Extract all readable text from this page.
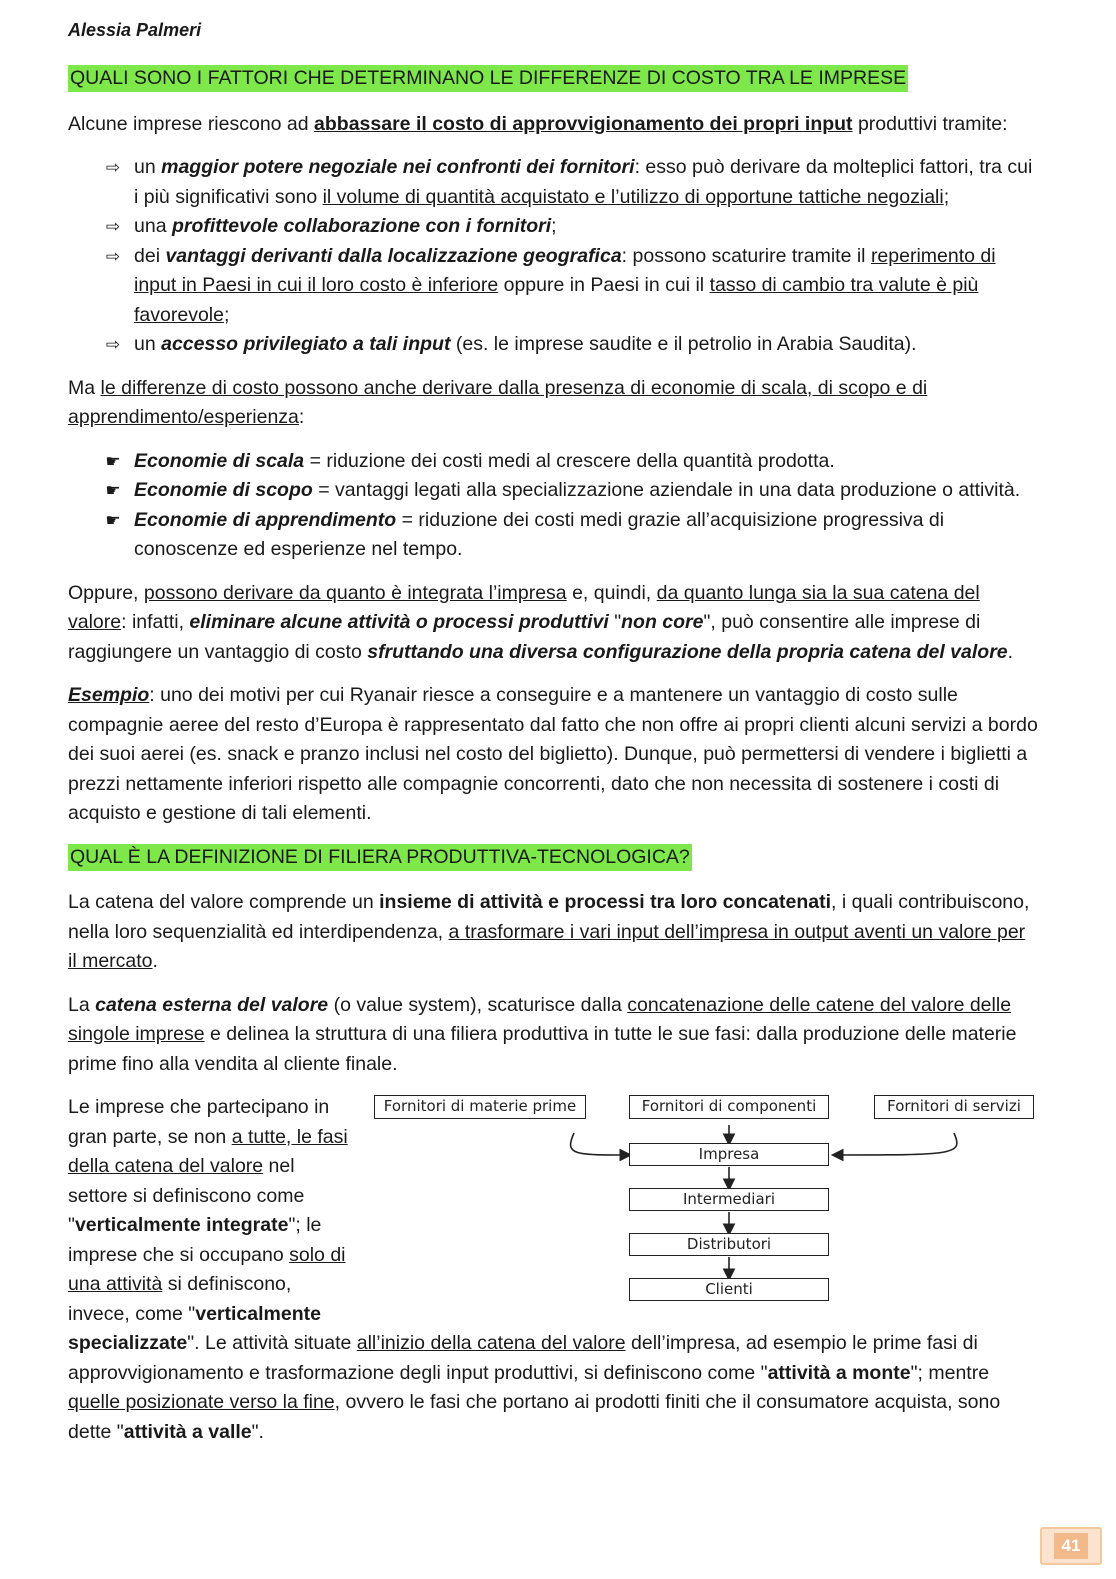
Alessia Palmeri
QUALI SONO I FATTORI CHE DETERMINANO LE DIFFERENZE DI COSTO TRA LE IMPRESE

Alcune imprese riescono ad abbassare il costo di approvvigionamento dei propri input produttivi tramite:

⇨ un maggior potere negoziale nei confronti dei fornitori: esso può derivare da molteplici fattori, tra cui i più significativi sono il volume di quantità acquistato e l’utilizzo di opportune tattiche negoziali;
⇨ una profittevole collaborazione con i fornitori;
⇨ dei vantaggi derivanti dalla localizzazione geografica: possono scaturire tramite il reperimento di input in Paesi in cui il loro costo è inferiore oppure in Paesi in cui il tasso di cambio tra valute è più favorevole;
⇨ un accesso privilegiato a tali input (es. le imprese saudite e il petrolio in Arabia Saudita).

Ma le differenze di costo possono anche derivare dalla presenza di economie di scala, di scopo e di apprendimento/esperienza:

☛ Economie di scala = riduzione dei costi medi al crescere della quantità prodotta.
☛ Economie di scopo = vantaggi legati alla specializzazione aziendale in una data produzione o attività.
☛ Economie di apprendimento = riduzione dei costi medi grazie all’acquisizione progressiva di conoscenze ed esperienze nel tempo.

Oppure, possono derivare da quanto è integrata l’impresa e, quindi, da quanto lunga sia la sua catena del valore: infatti, eliminare alcune attività o processi produttivi "non core", può consentire alle imprese di raggiungere un vantaggio di costo sfruttando una diversa configurazione della propria catena del valore.

Esempio: uno dei motivi per cui Ryanair riesce a conseguire e a mantenere un vantaggio di costo sulle compagnie aeree del resto d’Europa è rappresentato dal fatto che non offre ai propri clienti alcuni servizi a bordo dei suoi aerei (es. snack e pranzo inclusi nel costo del biglietto). Dunque, può permettersi di vendere i biglietti a prezzi nettamente inferiori rispetto alle compagnie concorrenti, dato che non necessita di sostenere i costi di acquisto e gestione di tali elementi.

QUAL È LA DEFINIZIONE DI FILIERA PRODUTTIVA-TECNOLOGICA?

La catena del valore comprende un insieme di attività e processi tra loro concatenati, i quali contribuiscono, nella loro sequenzialità ed interdipendenza, a trasformare i vari input dell’impresa in output aventi un valore per il mercato.

La catena esterna del valore (o value system), scaturisce dalla concatenazione delle catene del valore delle singole imprese e delinea la struttura di una filiera produttiva in tutte le sue fasi: dalla produzione delle materie prime fino alla vendita al cliente finale.

Le imprese che partecipano in gran parte, se non a tutte, le fasi della catena del valore nel settore si definiscono come "verticalmente integrate"; le imprese che si occupano solo di una attività si definiscono, invece, come "verticalmente

Fornitori di materie prime	Fornitori di componenti	Fornitori di servizi
Impresa
Intermediari
Distributori
Clienti

specializzate". Le attività situate all’inizio della catena del valore dell’impresa, ad esempio le prime fasi di approvvigionamento e trasformazione degli input produttivi, si definiscono come "attività a monte"; mentre quelle posizionate verso la fine, ovvero le fasi che portano ai prodotti finiti che il consumatore acquista, sono dette "attività a valle".

41
